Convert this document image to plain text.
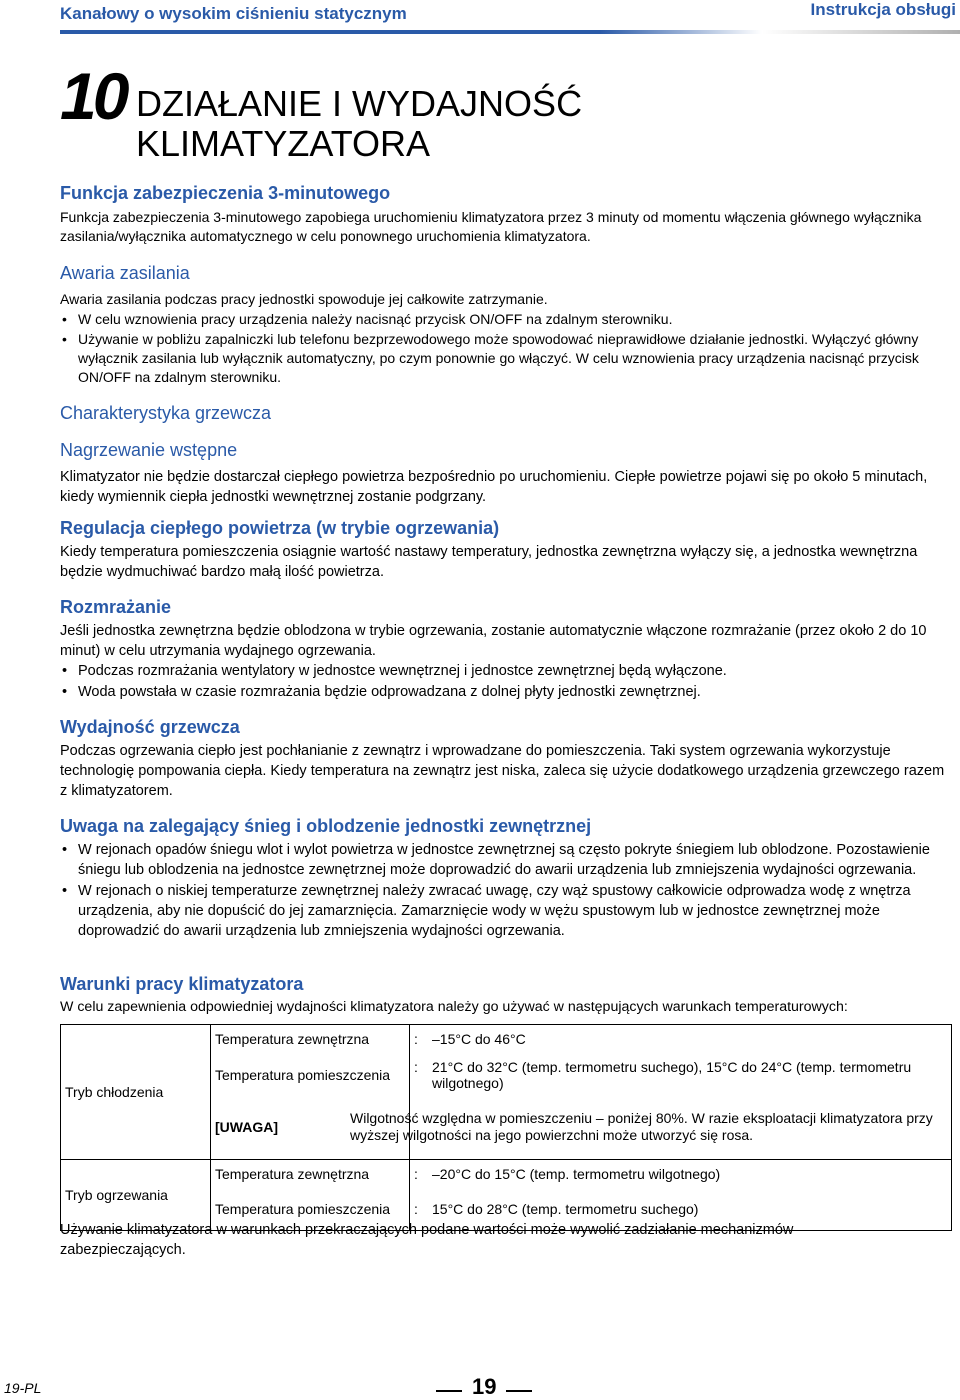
Kanałowy o wysokim ciśnieniu statycznym	Instrukcja obsługi
10 DZIAŁANIE I WYDAJNOŚĆ
KLIMATYZATORA
Funkcja zabezpieczenia 3-minutowego

Funkcja zabezpieczenia 3-minutowego zapobiega uruchomieniu klimatyzatora przez 3 minuty od momentu włączenia głównego wyłącznika zasilania/wyłącznika automatycznego w celu ponownego uruchomienia klimatyzatora.

Awaria zasilania

Awaria zasilania podczas pracy jednostki spowoduje jej całkowite zatrzymanie.

• W celu wznowienia pracy urządzenia należy nacisnąć przycisk ON/OFF na zdalnym sterowniku.
• Używanie w pobliżu zapalniczki lub telefonu bezprzewodowego może spowodować nieprawidłowe działanie jednostki. Wyłączyć główny wyłącznik zasilania lub wyłącznik automatyczny, po czym ponownie go włączyć. W celu wznowienia pracy urządzenia nacisnąć przycisk ON/OFF na zdalnym sterowniku.
Charakterystyka grzewcza
Nagrzewanie wstępne

Klimatyzator nie będzie dostarczał ciepłego powietrza bezpośrednio po uruchomieniu. Ciepłe powietrze pojawi się po około 5 minutach, kiedy wymiennik ciepła jednostki wewnętrznej zostanie podgrzany.

Regulacja ciepłego powietrza (w trybie ogrzewania)

Kiedy temperatura pomieszczenia osiągnie wartość nastawy temperatury, jednostka zewnętrzna wyłączy się, a jednostka wewnętrzna będzie wydmuchiwać bardzo małą ilość powietrza.

Rozmrażanie

Jeśli jednostka zewnętrzna będzie oblodzona w trybie ogrzewania, zostanie automatycznie włączone rozmrażanie (przez około 2 do 10 minut) w celu utrzymania wydajnego ogrzewania.

• Podczas rozmrażania wentylatory w jednostce wewnętrznej i jednostce zewnętrznej będą wyłączone.
• Woda powstała w czasie rozmrażania będzie odprowadzana z dolnej płyty jednostki zewnętrznej.
Wydajność grzewcza

Podczas ogrzewania ciepło jest pochłanianie z zewnątrz i wprowadzane do pomieszczenia. Taki system ogrzewania wykorzystuje technologię pompowania ciepła. Kiedy temperatura na zewnątrz jest niska, zaleca się użycie dodatkowego urządzenia grzewczego razem z klimatyzatorem.

Uwaga na zalegający śnieg i oblodzenie jednostki zewnętrznej
• W rejonach opadów śniegu wlot i wylot powietrza w jednostce zewnętrznej są często pokryte śniegiem lub oblodzone. Pozostawienie śniegu lub oblodzenia na jednostce zewnętrznej może doprowadzić do awarii urządzenia lub zmniejszenia wydajności ogrzewania.
• W rejonach o niskiej temperaturze zewnętrznej należy zwracać uwagę, czy wąż spustowy całkowicie odprowadza wodę z wnętrza urządzenia, aby nie dopuścić do jej zamarznięcia. Zamarznięcie wody w wężu spustowym lub w jednostce zewnętrznej może doprowadzić do awarii urządzenia lub zmniejszenia wydajności ogrzewania.
Warunki pracy klimatyzatora

W celu zapewnienia odpowiedniej wydajności klimatyzatora należy go używać w następujących warunkach temperaturowych:

Tryb chłodzenia	Temperatura zewnętrzna	: –15°C do 46°C
	Temperatura pomieszczenia	: 21°C do 32°C (temp. termometru suchego), 15°C do 24°C (temp. termometru wilgotnego)

	[UWAGA]	Wilgotność względna w pomieszczeniu – poniżej 80%. W razie eksploatacji klimatyzatora przy wyższej wilgotności na jego powierzchni może utworzyć się rosa.

Tryb ogrzewania	Temperatura zewnętrzna	: –20°C do 15°C (temp. termometru wilgotnego)
	Temperatura pomieszczenia	: 15°C do 28°C (temp. termometru suchego)

Używanie klimatyzatora w warunkach przekraczających podane wartości może wywolić zadziałanie mechanizmów zabezpieczających.

19-PL	19
